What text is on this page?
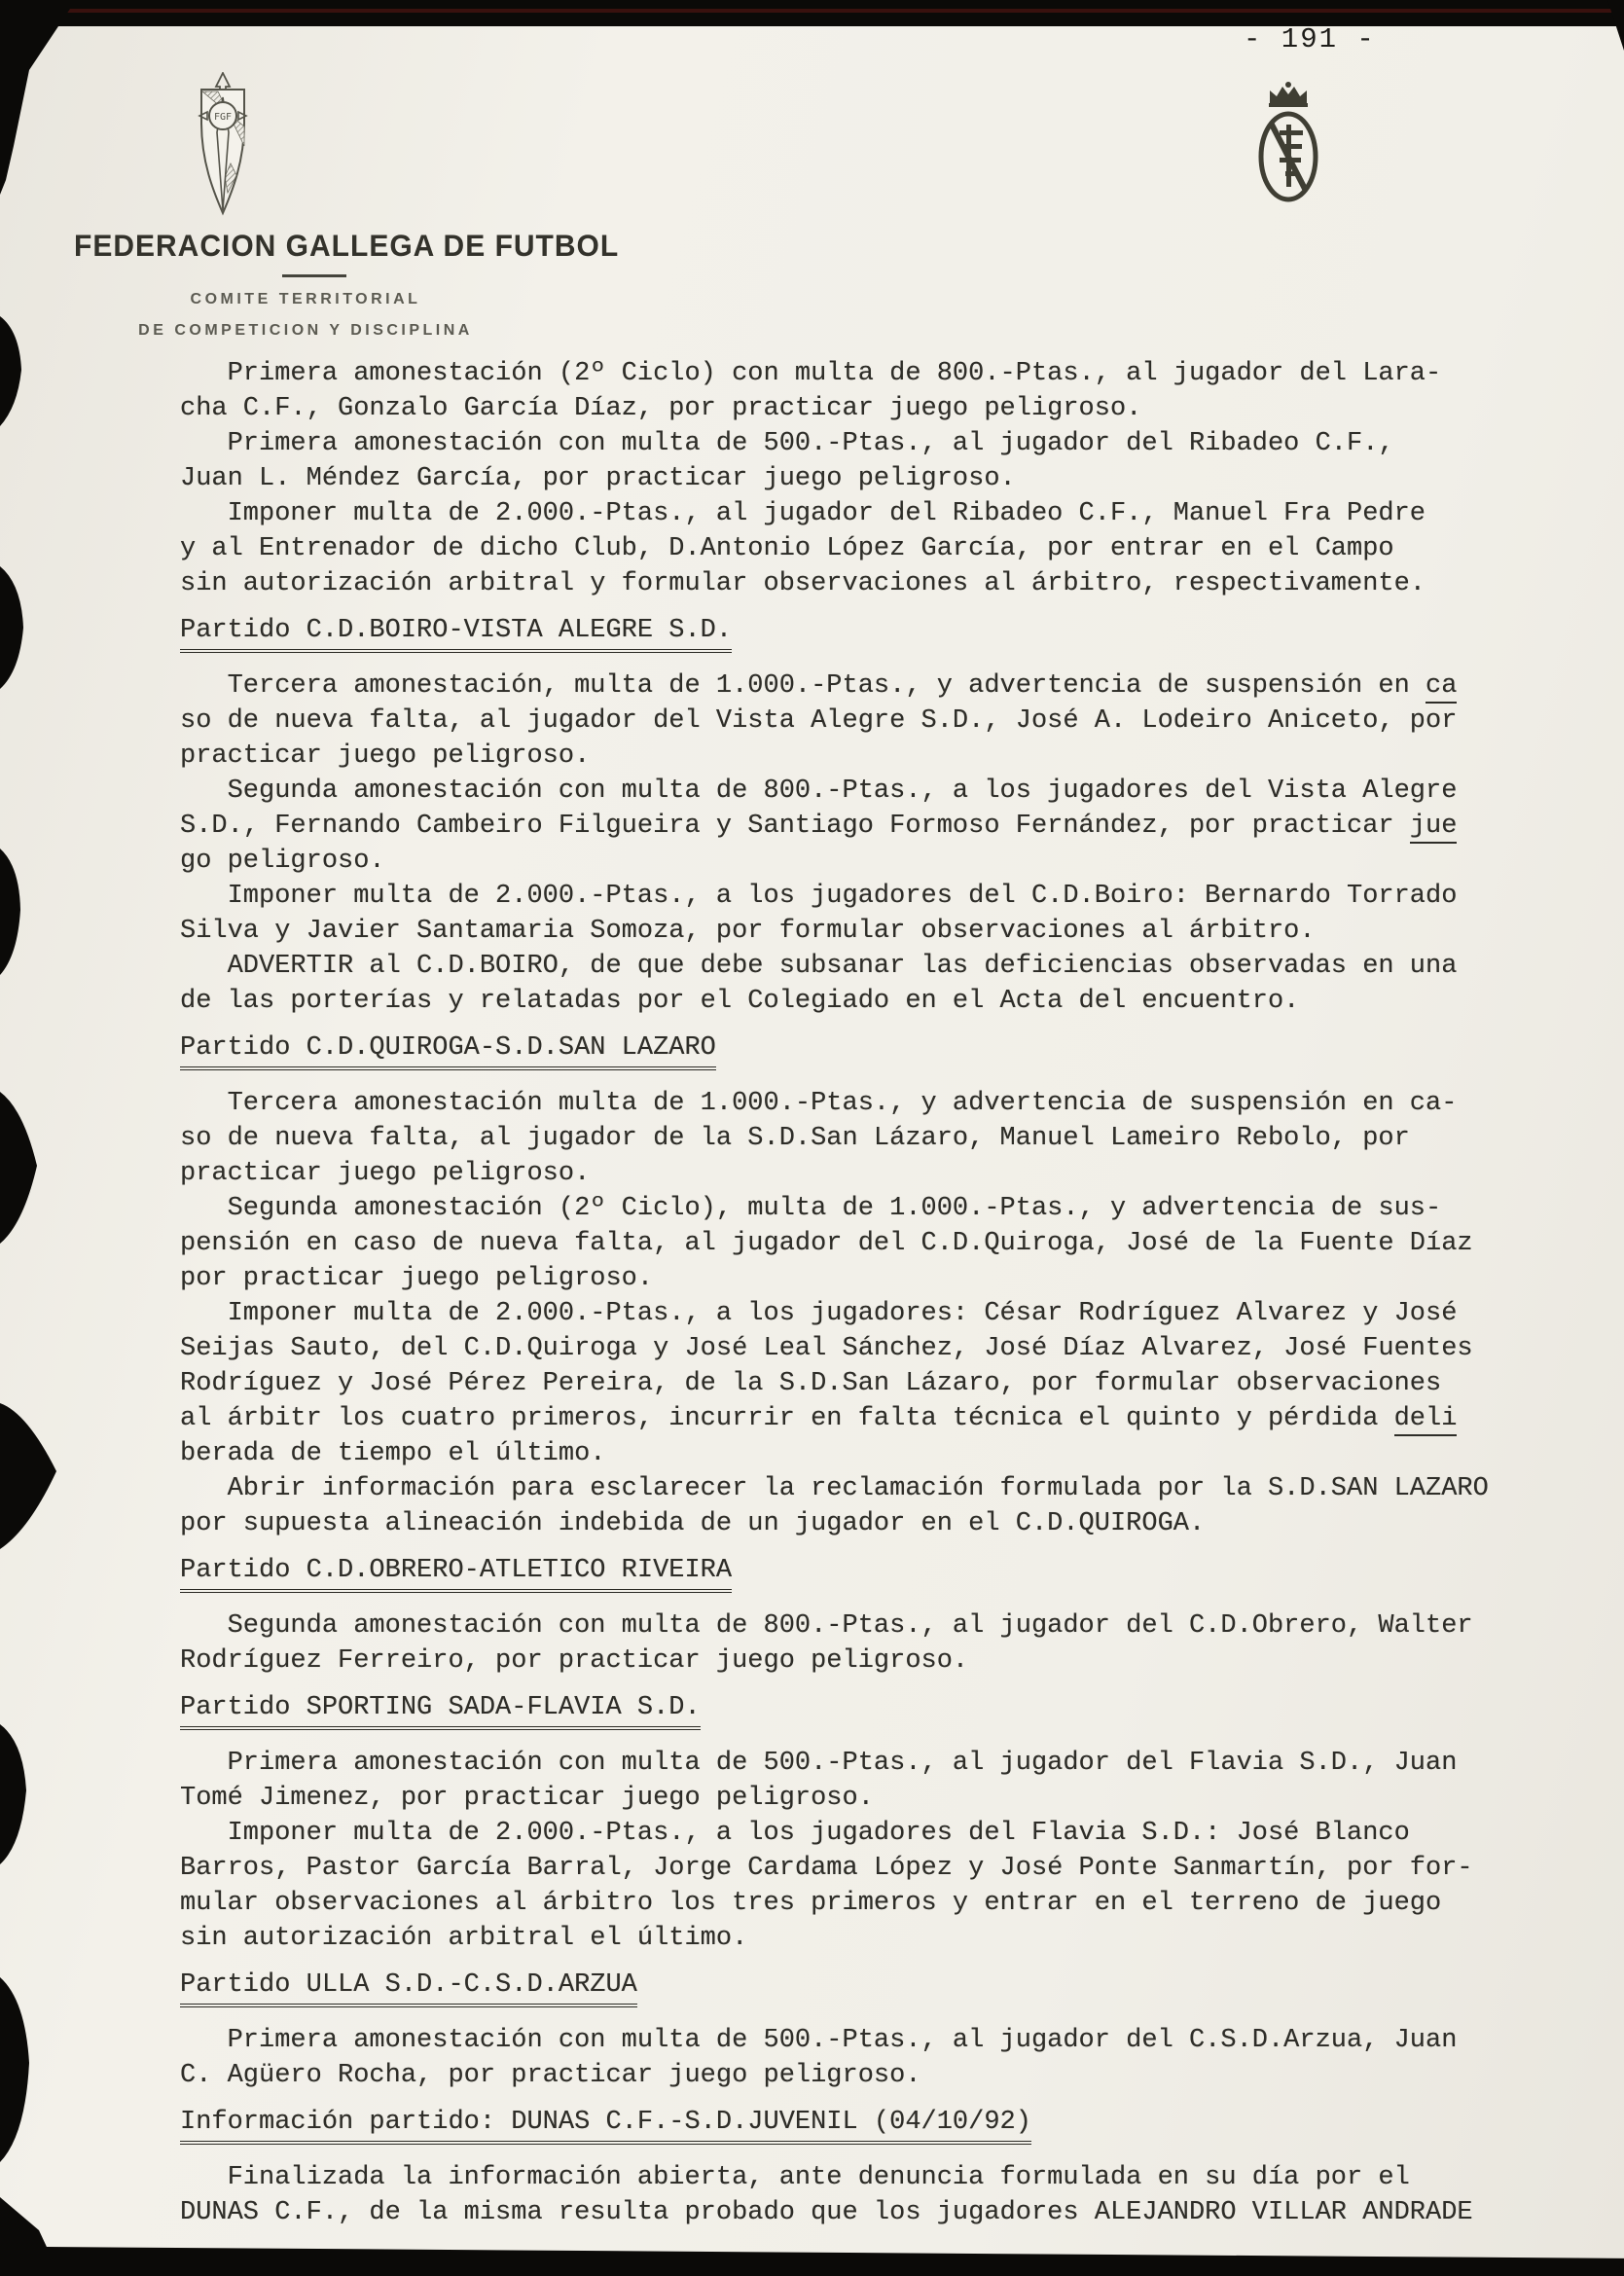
- 191 -
FGF
FEDERACION GALLEGA DE FUTBOL
COMITE TERRITORIAL
DE COMPETICION Y DISCIPLINA
Primera amonestación (2º Ciclo) con multa de 800.-Ptas., al jugador del Lara-
cha C.F., Gonzalo García Díaz, por practicar juego peligroso.
Primera amonestación con multa de 500.-Ptas., al jugador del Ribadeo C.F.,
Juan L. Méndez García, por practicar juego peligroso.
Imponer multa de 2.000.-Ptas., al jugador del Ribadeo C.F., Manuel Fra Pedre
y al Entrenador de dicho Club, D.Antonio López García, por entrar en el Campo
sin autorización arbitral y formular observaciones al árbitro, respectivamente.
Partido C.D.BOIRO-VISTA ALEGRE S.D.
Tercera amonestación, multa de 1.000.-Ptas., y advertencia de suspensión en ca
so de nueva falta, al jugador del Vista Alegre S.D., José A. Lodeiro Aniceto, por
practicar juego peligroso.
Segunda amonestación con multa de 800.-Ptas., a los jugadores del Vista Alegre
S.D., Fernando Cambeiro Filgueira y Santiago Formoso Fernández, por practicar jue
go peligroso.
Imponer multa de 2.000.-Ptas., a los jugadores del C.D.Boiro: Bernardo Torrado
Silva y Javier Santamaria Somoza, por formular observaciones al árbitro.
ADVERTIR al C.D.BOIRO, de que debe subsanar las deficiencias observadas en una
de las porterías y relatadas por el Colegiado en el Acta del encuentro.
Partido C.D.QUIROGA-S.D.SAN LAZARO
Tercera amonestación multa de 1.000.-Ptas., y advertencia de suspensión en ca-
so de nueva falta, al jugador de la S.D.San Lázaro, Manuel Lameiro Rebolo, por
practicar juego peligroso.
Segunda amonestación (2º Ciclo), multa de 1.000.-Ptas., y advertencia de sus-
pensión en caso de nueva falta, al jugador del C.D.Quiroga, José de la Fuente Díaz
por practicar juego peligroso.
Imponer multa de 2.000.-Ptas., a los jugadores: César Rodríguez Alvarez y José
Seijas Sauto, del C.D.Quiroga y José Leal Sánchez, José Díaz Alvarez, José Fuentes
Rodríguez y José Pérez Pereira, de la S.D.San Lázaro, por formular observaciones
al árbitr los cuatro primeros, incurrir en falta técnica el quinto y pérdida deli
berada de tiempo el último.
Abrir información para esclarecer la reclamación formulada por la S.D.SAN LAZARO
por supuesta alineación indebida de un jugador en el C.D.QUIROGA.
Partido C.D.OBRERO-ATLETICO RIVEIRA
Segunda amonestación con multa de 800.-Ptas., al jugador del C.D.Obrero, Walter
Rodríguez Ferreiro, por practicar juego peligroso.
Partido SPORTING SADA-FLAVIA S.D.
Primera amonestación con multa de 500.-Ptas., al jugador del Flavia S.D., Juan
Tomé Jimenez, por practicar juego peligroso.
Imponer multa de 2.000.-Ptas., a los jugadores del Flavia S.D.: José Blanco
Barros, Pastor García Barral, Jorge Cardama López y José Ponte Sanmartín, por for-
mular observaciones al árbitro los tres primeros y entrar en el terreno de juego
sin autorización arbitral el último.
Partido ULLA S.D.-C.S.D.ARZUA
Primera amonestación con multa de 500.-Ptas., al jugador del C.S.D.Arzua, Juan
C. Agüero Rocha, por practicar juego peligroso.
Información partido: DUNAS C.F.-S.D.JUVENIL (04/10/92)
Finalizada la información abierta, ante denuncia formulada en su día por el
DUNAS C.F., de la misma resulta probado que los jugadores ALEJANDRO VILLAR ANDRADE
